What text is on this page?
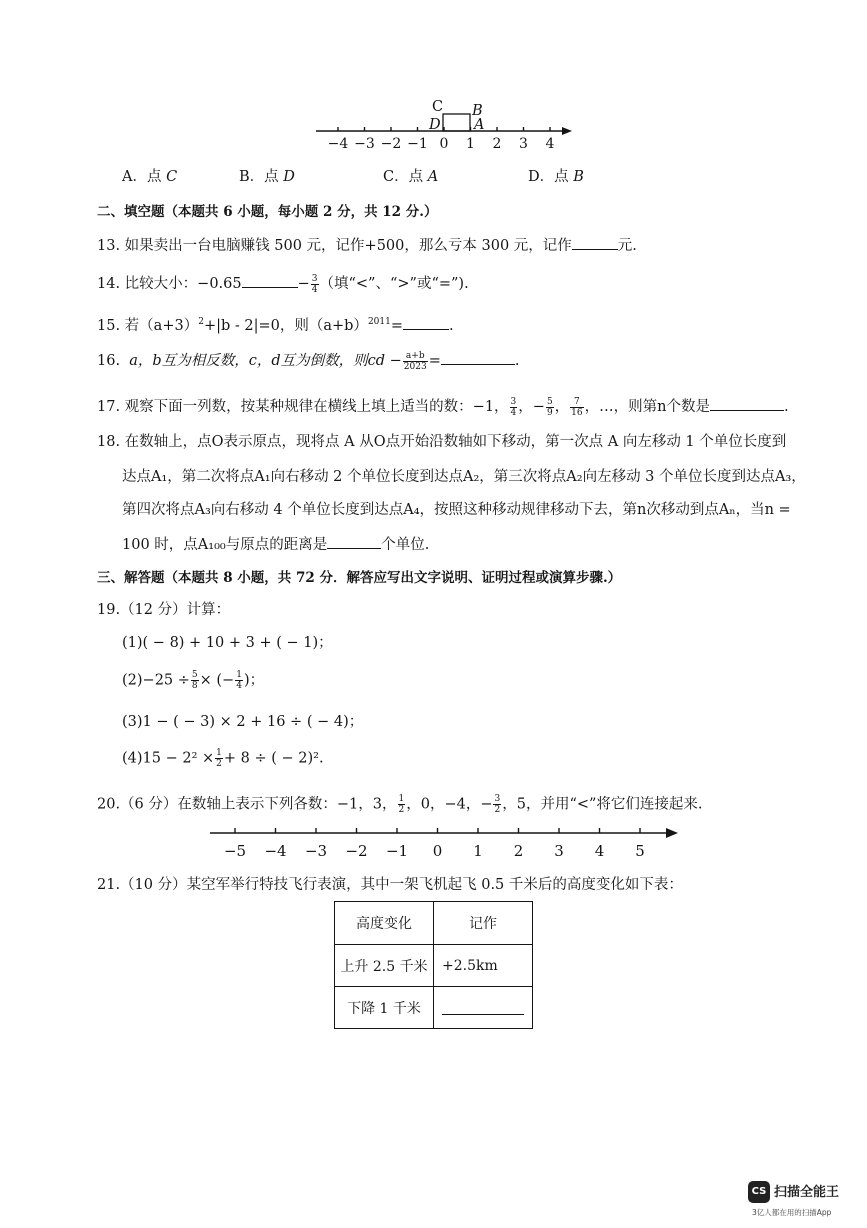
−4 −3 −2 −1 0 1 2 3 4
C B
D A
A．点 C	B．点 D	C．点 A	D．点 B
二、填空题（本题共 6 小题，每小题 2 分，共 12 分.）
13. 如果卖出一台电脑赚钱 500 元，记作+500，那么亏本 300 元，记作	元.
14. 比较大小：−0.65	− $\frac{3}{4}$ （填“<”、“>”或“=”).
15. 若$(a+3)^2+|b - 2|=0$，则$(a+b)^{2011}=$	.
16. a，b互为相反数，c，d互为倒数，则cd − $\frac{a+b}{2023}$ =	.
17. 观察下面一列数，按某种规律在横线上填上适当的数：−1， $\frac{3}{4}$ ，− $\frac{5}{9}$ ， $\frac{7}{16}$ ，…，则第n个数是	.
18. 在数轴上，点O表示原点，现将点 A 从O点开始沿数轴如下移动，第一次点 A 向左移动 1 个单位长度到
达点A₁，第二次将点A₁向右移动 2 个单位长度到达点A₂，第三次将点A₂向左移动 3 个单位长度到达点A₃，
第四次将点A₃向右移动 4 个单位长度到达点A₄，按照这种移动规律移动下去，第n次移动到点Aₙ，当n =
100 时，点A₁₀₀与原点的距离是	个单位.
三、解答题（本题共 8 小题，共 72 分．解答应写出文字说明、证明过程或演算步骤.）
19.（12 分）计算：
(1)( − 8) + 10 + 3 + ( − 1)；
$(2)-25 \div \frac{5}{8}$ × (− $\frac{1}{4}$ )；
(3)1 − ( − 3) × 2 + 16 ÷ ( − 4)；
$(4)15 - 2^2 \times \frac{1}{2} + 8$ ÷ ( − 2)².
20.（6 分）在数轴上表示下列各数：−1，3， $\frac{1}{2}$ ，0，−4，− $\frac{3}{2}$ ，5，并用“<”将它们连接起来.
−5 −4 −3 −2 −1 0 1 2 3 4 5
21.（10 分）某空军举行特技飞行表演，其中一架飞机起飞 0.5 千米后的高度变化如下表：
高度变化	记作
上升 2.5 千米	+2.5km
下降 1 千米	
CS 扫描全能王
3亿人都在用的扫描App
